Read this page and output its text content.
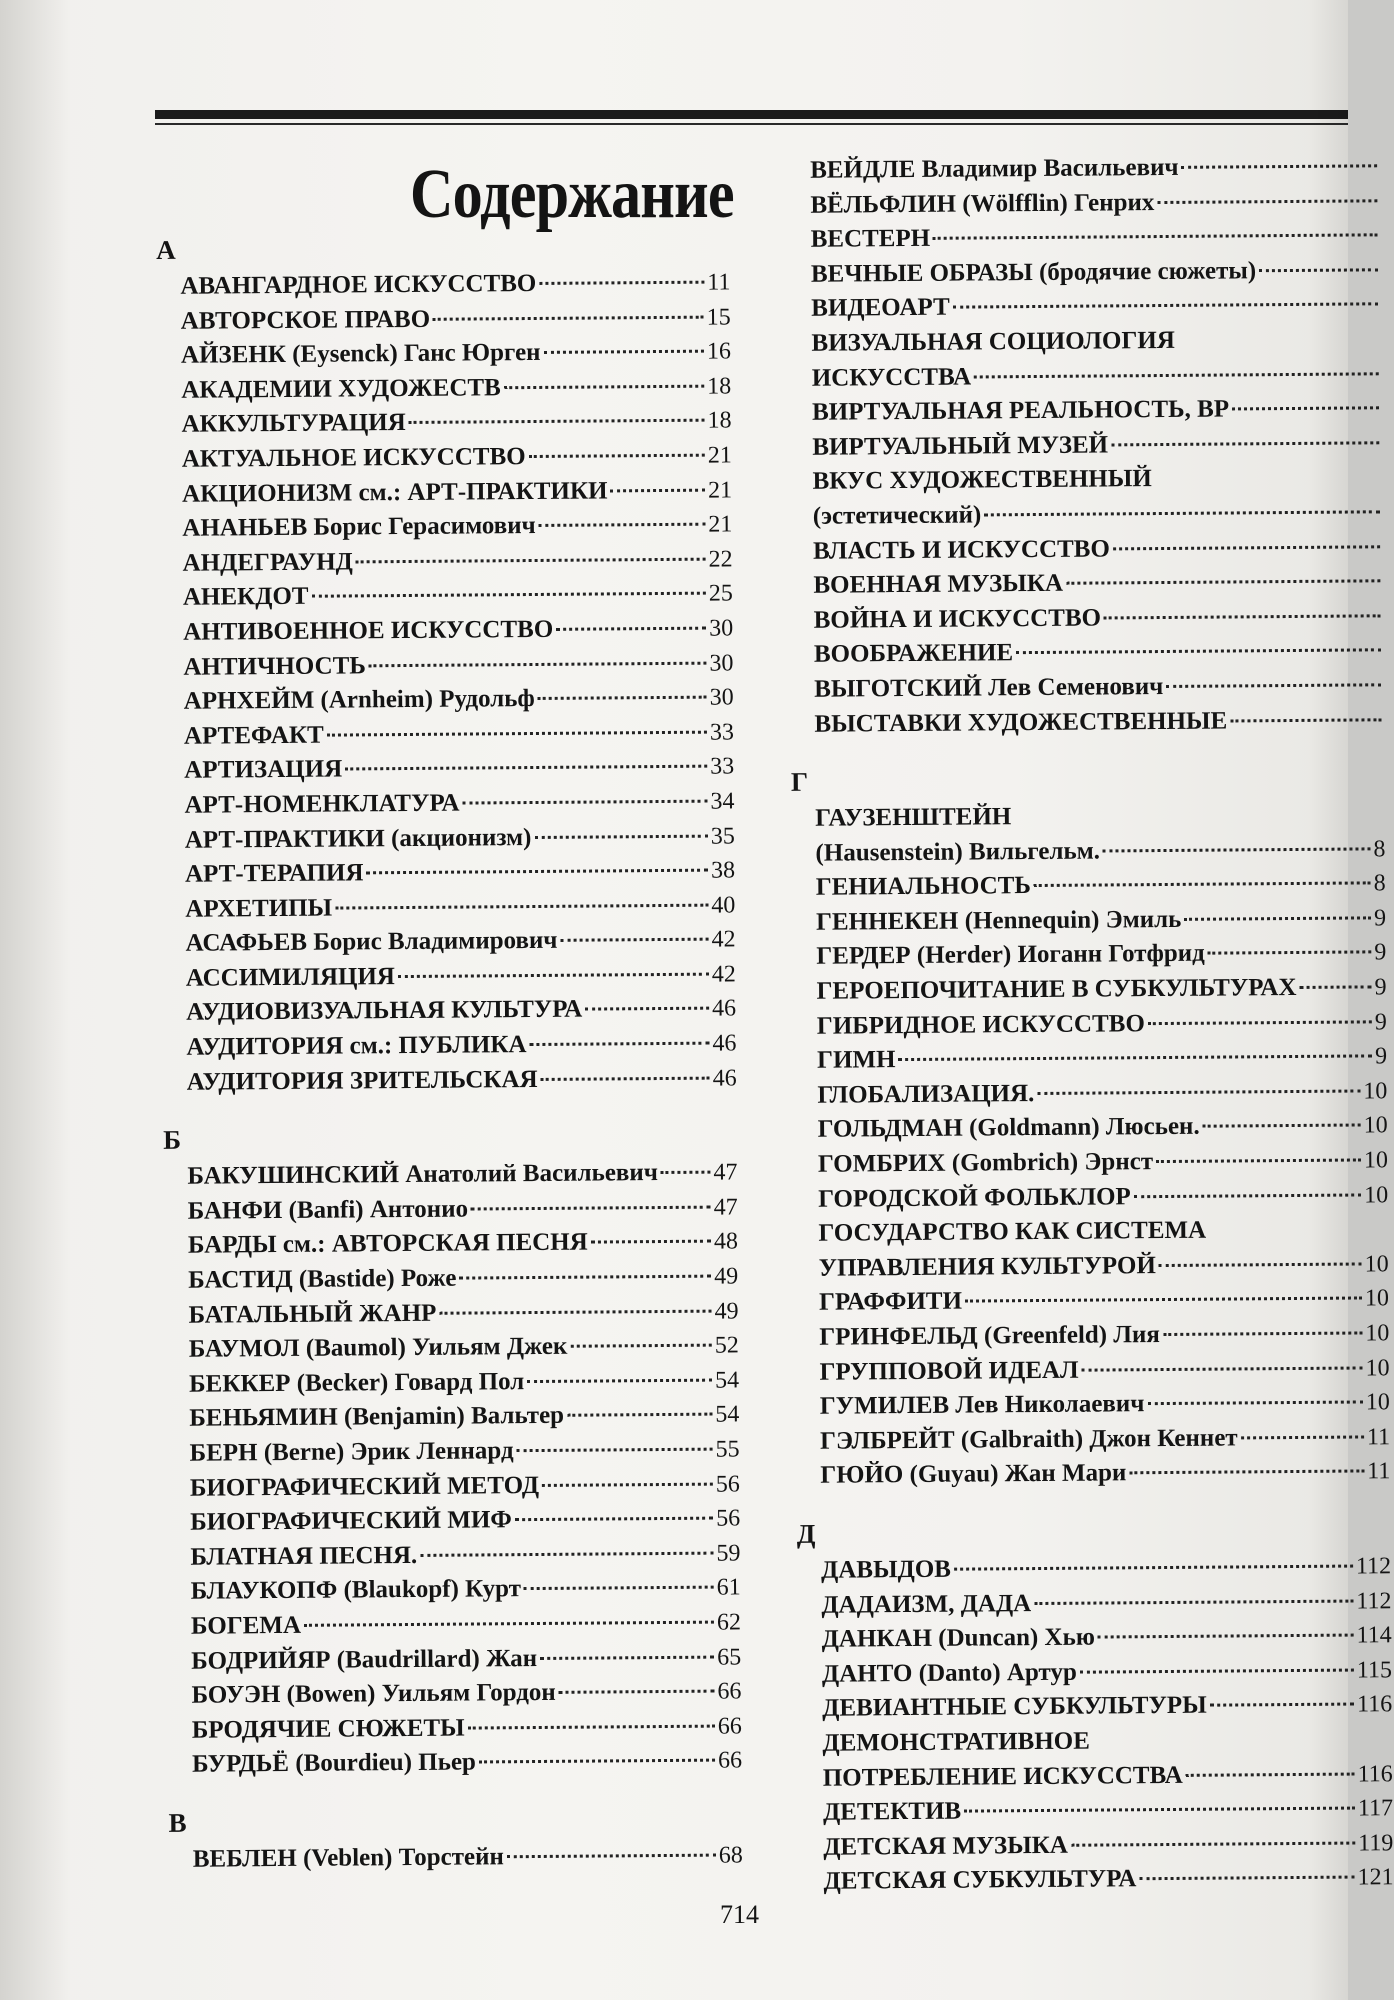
Содержание
А
АВАНГАРДНОЕ ИСКУССТВО	11
АВТОРСКОЕ ПРАВО	15
АЙЗЕНК (Eysenck) Ганс Юрген	16
АКАДЕМИИ ХУДОЖЕСТВ	18
АККУЛЬТУРАЦИЯ	18
АКТУАЛЬНОЕ ИСКУССТВО	21
АКЦИОНИЗМ см.: АРТ-ПРАКТИКИ	21
АНАНЬЕВ Борис Герасимович	21
АНДЕГРАУНД	22
АНЕКДОТ	25
АНТИВОЕННОЕ ИСКУССТВО	30
АНТИЧНОСТЬ	30
АРНХЕЙМ (Arnheim) Рудольф	30
АРТЕФАКТ	33
АРТИЗАЦИЯ	33
АРТ-НОМЕНКЛАТУРА	34
АРТ-ПРАКТИКИ (акционизм)	35
АРТ-ТЕРАПИЯ	38
АРХЕТИПЫ	40
АСАФЬЕВ Борис Владимирович	42
АССИМИЛЯЦИЯ	42
АУДИОВИЗУАЛЬНАЯ КУЛЬТУРА	46
АУДИТОРИЯ см.: ПУБЛИКА	46
АУДИТОРИЯ ЗРИТЕЛЬСКАЯ	46
Б
БАКУШИНСКИЙ Анатолий Васильевич 47
БАНФИ (Banfi) Антонио	47
БАРДЫ см.: АВТОРСКАЯ ПЕСНЯ	48
БАСТИД (Bastide) Роже	49
БАТАЛЬНЫЙ ЖАНР	49
БАУМОЛ (Baumol) Уильям Джек	52
БЕККЕР (Becker) Говард Пол	54
БЕНЬЯМИН (Benjamin) Вальтер	54
БЕРН (Berne) Эрик Леннард	55
БИОГРАФИЧЕСКИЙ МЕТОД	56
БИОГРАФИЧЕСКИЙ МИФ	56
БЛАТНАЯ ПЕСНЯ.	59
БЛАУКОПФ (Blaukopf) Курт	61
БОГЕМА	62
БОДРИЙЯР (Baudrillard) Жан	65
БОУЭН (Bowen) Уильям Гордон	66
БРОДЯЧИЕ СЮЖЕТЫ	66
БУРДЬЁ (Bourdieu) Пьер	66
В
ВЕБЛЕН (Veblen) Торстейн	68
ВЕЙДЛЕ Владимир Васильевич
ВЁЛЬФЛИН (Wölfflin) Генрих
ВЕСТЕРН
ВЕЧНЫЕ ОБРАЗЫ (бродячие сюжеты)
ВИДЕОАРТ
ВИЗУАЛЬНАЯ СОЦИОЛОГИЯ
ИСКУССТВА
ВИРТУАЛЬНАЯ РЕАЛЬНОСТЬ, ВР
ВИРТУАЛЬНЫЙ МУЗЕЙ
ВКУС ХУДОЖЕСТВЕННЫЙ
(эстетический)
ВЛАСТЬ И ИСКУССТВО
ВОЕННАЯ МУЗЫКА
ВОЙНА И ИСКУССТВО
ВООБРАЖЕНИЕ
ВЫГОТСКИЙ Лев Семенович
ВЫСТАВКИ ХУДОЖЕСТВЕННЫЕ
Г
ГАУЗЕНШТЕЙН
(Hausenstein) Вильгельм.	8
ГЕНИАЛЬНОСТЬ	8
ГЕННЕКЕН (Hennequin) Эмиль	9
ГЕРДЕР (Herder) Иоганн Готфрид	9
ГЕРОЕПОЧИТАНИЕ В СУБКУЛЬТУРАХ	9
ГИБРИДНОЕ ИСКУССТВО	9
ГИМН	9
ГЛОБАЛИЗАЦИЯ.	10
ГОЛЬДМАН (Goldmann) Люсьен.	10
ГОМБРИХ (Gombrich) Эрнст	10
ГОРОДСКОЙ ФОЛЬКЛОР	10
ГОСУДАРСТВО КАК СИСТЕМА
УПРАВЛЕНИЯ КУЛЬТУРОЙ	10
ГРАФФИТИ	10
ГРИНФЕЛЬД (Greenfeld) Лия	10
ГРУППОВОЙ ИДЕАЛ	10
ГУМИЛЕВ Лев Николаевич	10
ГЭЛБРЕЙТ (Galbraith) Джон Кеннет	11
ГЮЙО (Guyau) Жан Мари	11
Д
ДАВЫДОВ	112
ДАДАИЗМ, ДАДА	112
ДАНКАН (Duncan) Хью	114
ДАНТО (Danto) Артур	115
ДЕВИАНТНЫЕ СУБКУЛЬТУРЫ	116
ДЕМОНСТРАТИВНОЕ
ПОТРЕБЛЕНИЕ ИСКУССТВА	116
ДЕТЕКТИВ	117
ДЕТСКАЯ МУЗЫКА	119
ДЕТСКАЯ СУБКУЛЬТУРА	121
714
